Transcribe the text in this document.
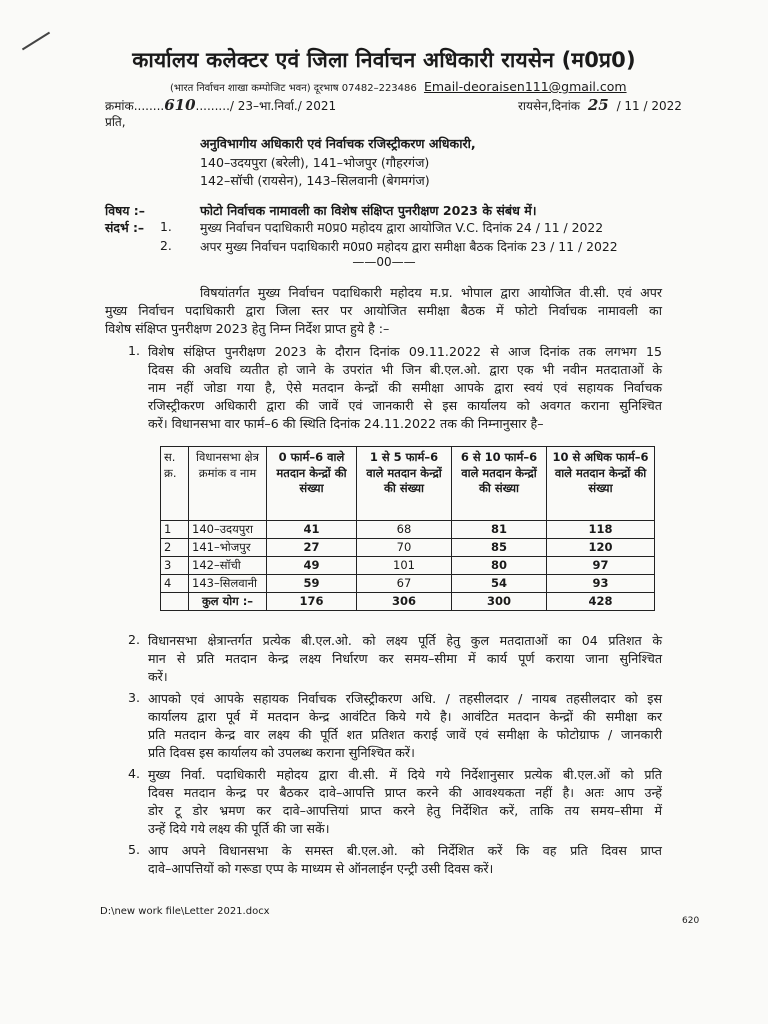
कार्यालय कलेक्टर एवं जिला निर्वाचन अधिकारी रायसेन (म0प्र0)
(भारत निर्वाचन शाखा कम्पोजिट भवन) दूरभाष 07482–223486 Email-deoraisen111@gmail.com
क्रमांक........610........./ 23–भा.निर्वा./ 2021	रायसेन,दिनांक 25 / 11 / 2022
प्रति,
अनुविभागीय अधिकारी एवं निर्वाचक रजिस्ट्रीकरण अधिकारी,
140–उदयपुरा (बरेली), 141–भोजपुर (गौहरगंज)
142–सॉची (रायसेन), 143–सिलवानी (बेगमगंज)
विषय :–	फोटो निर्वाचक नामावली का विशेष संक्षिप्त पुनरीक्षण 2023 के संबंध में।
संदर्भ :– 1. मुख्य निर्वाचन पदाधिकारी म0प्र0 महोदय द्वारा आयोजित V.C. दिनांक 24 / 11 / 2022
2. अपर मुख्य निर्वाचन पदाधिकारी म0प्र0 महोदय द्वारा समीक्षा बैठक दिनांक 23 / 11 / 2022
——00——
विषयांतर्गत मुख्य निर्वाचन पदाधिकारी महोदय म.प्र. भोपाल द्वारा आयोजित वी.सी. एवं अपर
मुख्य निर्वाचन पदाधिकारी द्वारा जिला स्तर पर आयोजित समीक्षा बैठक में फोटो निर्वाचक नामावली का
विशेष संक्षिप्त पुनरीक्षण 2023 हेतु निम्न निर्देश प्राप्त हुये है :–
1. विशेष संक्षिप्त पुनरीक्षण 2023 के दौरान दिनांक 09.11.2022 से आज दिनांक तक लगभग 15
दिवस की अवधि व्यतीत हो जाने के उपरांत भी जिन बी.एल.ओ. द्वारा एक भी नवीन मतदाताओं के
नाम नहीं जोडा गया है, ऐसे मतदान केन्द्रों की समीक्षा आपके द्वारा स्वयं एवं सहायक निर्वाचक
रजिस्ट्रीकरण अधिकारी द्वारा की जावें एवं जानकारी से इस कार्यालय को अवगत कराना सुनिश्चित
करें। विधानसभा वार फार्म–6 की स्थिति दिनांक 24.11.2022 तक की निम्नानुसार है–
स. क्र.	विधानसभा क्षेत्र क्रमांक व नाम	0 फार्म–6 वाले मतदान केन्द्रों की संख्या	1 से 5 फार्म–6 वाले मतदान केन्द्रों की संख्या	6 से 10 फार्म–6 वाले मतदान केन्द्रों की संख्या	10 से अधिक फार्म–6 वाले मतदान केन्द्रों की संख्या
1	140–उदयपुरा	41	68	81	118
2	141–भोजपुर	27	70	85	120
3	142–सॉची	49	101	80	97
4	143–सिलवानी	59	67	54	93
	कुल योग :–	176	306	300	428
2. विधानसभा क्षेत्रान्तर्गत प्रत्येक बी.एल.ओ. को लक्ष्य पूर्ति हेतु कुल मतदाताओं का 04 प्रतिशत के
मान से प्रति मतदान केन्द्र लक्ष्य निर्धारण कर समय–सीमा में कार्य पूर्ण कराया जाना सुनिश्चित
करें।
3. आपको एवं आपके सहायक निर्वाचक रजिस्ट्रीकरण अधि. / तहसीलदार / नायब तहसीलदार को इस
कार्यालय द्वारा पूर्व में मतदान केन्द्र आवंटित किये गये है। आवंटित मतदान केन्द्रों की समीक्षा कर
प्रति मतदान केन्द्र वार लक्ष्य की पूर्ति शत प्रतिशत कराई जावें एवं समीक्षा के फोटोग्राफ / जानकारी
प्रति दिवस इस कार्यालय को उपलब्ध कराना सुनिश्चित करें।
4. मुख्य निर्वा. पदाधिकारी महोदय द्वारा वी.सी. में दिये गये निर्देशानुसार प्रत्येक बी.एल.ओं को प्रति
दिवस मतदान केन्द्र पर बैठकर दावे–आपत्ति प्राप्त करने की आवश्यकता नहीं है। अतः आप उन्हें
डोर टू डोर भ्रमण कर दावे–आपत्तियां प्राप्त करने हेतु निर्देशित करें, ताकि तय समय–सीमा में
उन्हें दिये गये लक्ष्य की पूर्ति की जा सकें।
5. आप अपने विधानसभा के समस्त बी.एल.ओ. को निर्देशित करें कि वह प्रति दिवस प्राप्त
दावे–आपत्तियों को गरूडा एप्प के माध्यम से ऑनलाईन एन्ट्री उसी दिवस करें।
D:\new work file\Letter 2021.docx
620
